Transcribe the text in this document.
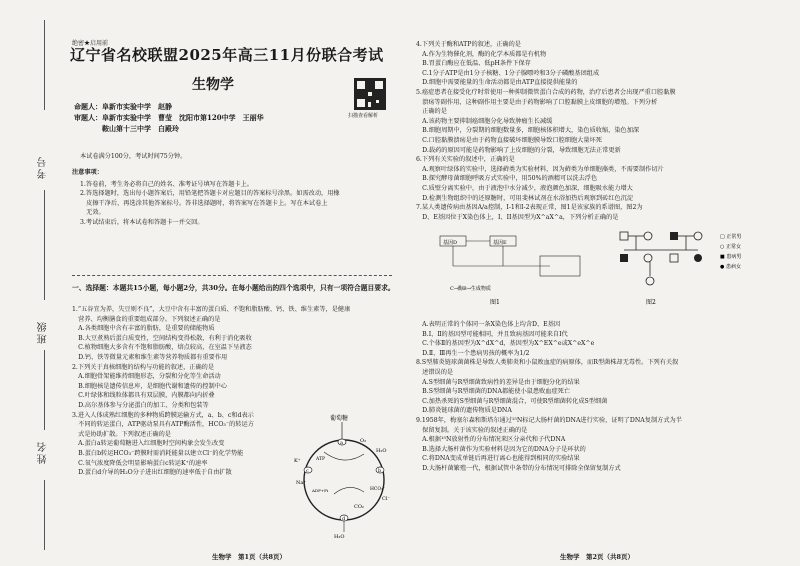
考号
班级
姓名
绝密★启用前
辽宁省名校联盟2025年高三11月份联合考试
生物学
扫描查看解析
命题人：阜新市实验中学　赵静
审题人：阜新市实验中学　曹莹　沈阳市第120中学　王丽华
　　　　鞍山第十三中学　白殿玲
本试卷满分100分，考试时间75分钟。
注意事项：
1.答卷前，考生务必将自己的姓名、准考证号填写在答题卡上。
2.答选择题时，选出每小题答案后，用铅笔把答题卡对应题目的答案标号涂黑。如需改动，用橡
　皮擦干净后，再选涂其他答案标号。答非选择题时，将答案写在答题卡上。写在本试卷上
　无效。
3.考试结束后，将本试卷和答题卡一并交回。
一、选择题：本题共15小题，每小题2分，共30分。在每小题给出的四个选项中，只有一项符合题目要求。
1.“五谷宜为养，失豆则不良”，大豆中含有丰富的蛋白质、不饱和脂肪酸、钙、铁、维生素等，是健康
　营养、均衡膳食的重要组成部分。下列叙述正确的是
　A.各类细胞中含有丰富的脂肪，是重要的储能物质
　B.大豆煮熟后蛋白质变性，空间结构变得松散，有利于消化吸收
　C.植物细胞大多含有不饱和脂肪酸，熔点较高，在室温下呈液态
　D.钙、铁等微量元素和维生素等营养物质都有重要作用
2.下列关于真核细胞的结构与功能的叙述，正确的是
　A.细胞骨架能维持细胞形态，分裂和分化等生命活动
　B.细胞核是遗传信息库，是细胞代谢和遗传的控制中心
　C.叶绿体和线粒体都具有双层膜，内膜都向内折叠
　D.高尔基体参与分泌蛋白的加工、分类和包装等
3.进入人体成熟红细胞的多种物质跨膜运输方式，a、b、c和d表示
　不同的转运蛋白，ATP驱动泵具有ATP酶活性，HCO₃⁻的转运方
　式是协助扩散。下列叙述正确的是
　A.蛋白a转运葡萄糖进入红细胞时空间构象会发生改变
　B.蛋白b转运HCO₃⁻跨膜时需消耗能量以建立Cl⁻的化学势能
　C.氧气浓度降低会明显影响蛋白c转运K⁺的速率
　D.蛋白d介导的H₂O分子进出红细胞的速率低于自由扩散
葡萄糖
a
c	b
d
K⁺
Na⁺
ATP
ADP+Pi
O₂
H₂O
HCO₃⁻
Cl⁻
CO₂
H₂O
生物学　第1页（共8页）
4.下列关于酶和ATP的叙述，正确的是
　A.作为生物催化剂，酶的化学本质都是有机物
　B.胃蛋白酶应在低温、低pH条件下保存
　C.1分子ATP是由1分子核糖、1分子腺嘌呤和3分子磷酸基团组成
　D.细胞中需要能量的生命活动都是由ATP直接提供能量的
5.癌症患者在接受化疗时常使用一种抑制微管蛋白合成的药物，治疗后患者会出现严重口腔黏膜
　溃疡等副作用，这种副作用主要是由于药物影响了口腔黏膜上皮细胞的增殖。下列分析
　正确的是
　A.该药物主要抑制癌细胞分化导致肿瘤生长减缓
　B.细胞周期中，分裂期的细胞数量多，细胞核体积增大，染色质收缩，染色加深
　C.口腔黏膜溃疡是由于药物直接破坏细胞膜导致口腔细胞大量坏死
　D.载药的原因可能是药物影响了上皮细胞的分裂，导致细胞无法正常更新
6.下列有关实验的叙述中，正确的是
　A.观察叶绿体的实验中，选择藓类为实验材料，因为藓类为单细胞藻类，不需要制作切片
　B.探究酵母菌细胞呼吸方式实验中，用50%的酒精可以洗去浮色
　C.质壁分离实验中，由于液泡中水分减少，液泡颜色加深，细胞吸水能力增大
　D.检测生物组织中的还原糖时，可用斐林试剂在水浴加热后观察到砖红色沉淀
7.某人类遗传病由基因A/a控制，I-1和I-2表现正常，图1是该家族的系谱图，图2为
　D、E基因位于X染色体上，I、II基因型为X^aX^a，下列分析正确的是
基因D	基因E
C→酶B→生成物质
图1	图2
□ 正常男
○ 正常女
■ 患病男
● 患病女
　A.表明正常的个体同一条X染色体上均含D、E基因
　B.Ⅰ、Ⅱ的基因型可能相同，并且致病基因可能来自Ⅰ代
　C.个体Ⅱ的基因型为X^dX^d，基因型为X^EX^e或X^eX^e
　D.Ⅱ、Ⅲ再生一个患病男孩的概率为1/2
8.S型肺炎链球菌菌株是导致人类肺炎和小鼠败血症的病原体，而R型菌株却无毒性。下列有关叙
　述错误的是
　A.S型细菌与R型细菌致病性的差异是由于细胞分化的结果
　B.S型细菌与R型细菌的DNA都能使小鼠患败血症死亡
　C.加热杀死的S型细菌与R型细菌混合，可使R型细菌转化成S型细菌
　D.肺炎链球菌的遗传物质是DNA
9.1958年，梅塞尔森和斯塔尔通过¹⁵N标记大肠杆菌的DNA进行实验，证明了DNA复制方式为半
　保留复制。关于该实验的叙述正确的是
　A.根据¹⁵N放射性的分布情况来区分亲代和子代DNA
　B.选择大肠杆菌作为实验材料是因为它的DNA分子是环状的
　C.将DNA变成单链后再进行离心也能得到相同的实验结果
　D.大肠杆菌繁殖一代，根据试管中条带的分布情况可排除全保留复制方式
生物学　第2页（共8页）
